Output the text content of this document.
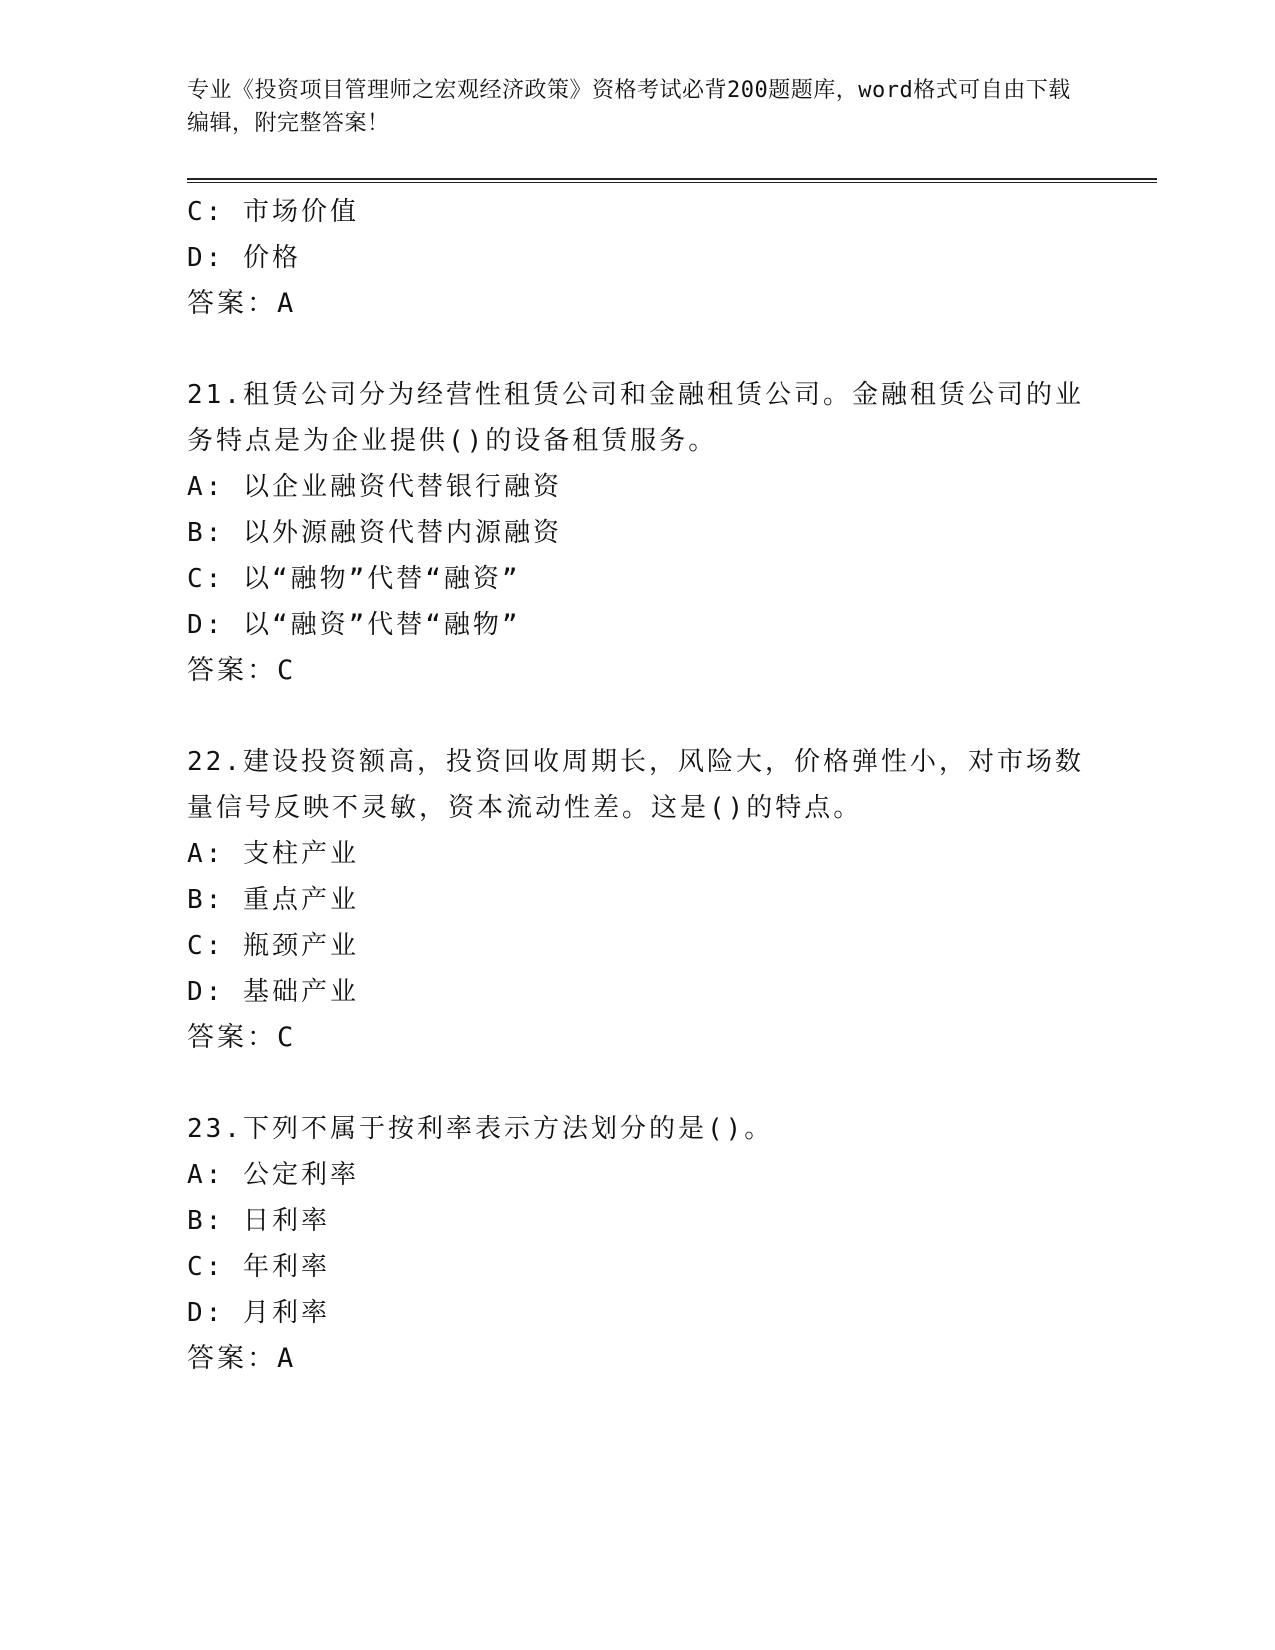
专业《投资项目管理师之宏观经济政策》资格考试必背200题题库，word格式可自由下载编辑，附完整答案！
C: 市场价值
D: 价格
答案：A
21.租赁公司分为经营性租赁公司和金融租赁公司。金融租赁公司的业务特点是为企业提供()的设备租赁服务。
A: 以企业融资代替银行融资
B: 以外源融资代替内源融资
C: 以“融物”代替“融资”
D: 以“融资”代替“融物”
答案：C
22.建设投资额高，投资回收周期长，风险大，价格弹性小，对市场数量信号反映不灵敏，资本流动性差。这是()的特点。
A: 支柱产业
B: 重点产业
C: 瓶颈产业
D: 基础产业
答案：C
23.下列不属于按利率表示方法划分的是()。
A: 公定利率
B: 日利率
C: 年利率
D: 月利率
答案：A
